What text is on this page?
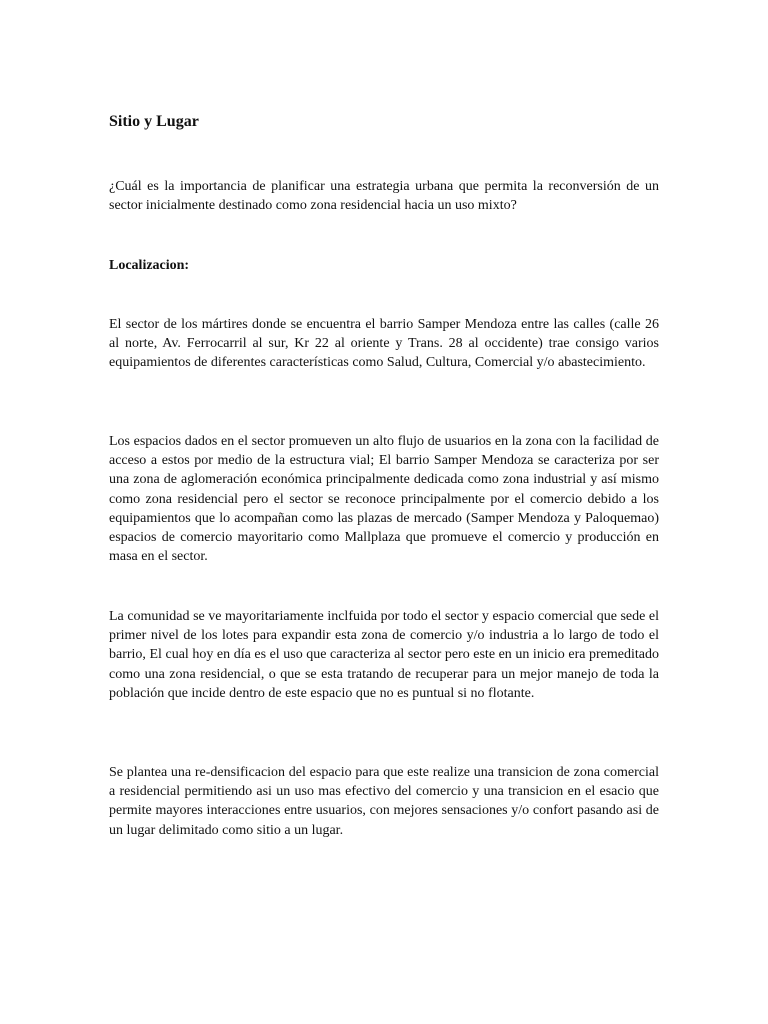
Sitio y Lugar

¿Cuál es la importancia de planificar una estrategia urbana que permita la reconversión de un sector inicialmente destinado como zona residencial hacia un uso mixto?

Localizacion:

El sector de los mártires donde se encuentra el barrio Samper Mendoza entre las calles (calle 26 al norte, Av. Ferrocarril al sur, Kr 22 al oriente y Trans. 28 al occidente) trae consigo varios equipamientos de diferentes características como Salud, Cultura, Comercial y/o abastecimiento.

Los espacios dados en el sector promueven un alto flujo de usuarios en la zona con la facilidad de acceso a estos por medio de la estructura vial; El barrio Samper Mendoza se caracteriza por ser una zona de aglomeración económica principalmente dedicada como zona industrial y así mismo como zona residencial pero el sector se reconoce principalmente por el comercio debido a los equipamientos que lo acompañan como las plazas de mercado (Samper Mendoza y Paloquemao) espacios de comercio mayoritario como Mallplaza que promueve el comercio y producción en masa en el sector.

La comunidad se ve mayoritariamente inclfuida por todo el sector y espacio comercial que sede el primer nivel de los lotes para expandir esta zona de comercio y/o industria a lo largo de todo el barrio, El cual hoy en día es el uso que caracteriza al sector pero este en un inicio era premeditado como una zona residencial, o que se esta tratando de recuperar para un mejor manejo de toda la población que incide dentro de este espacio que no es puntual si no flotante.

Se plantea una re-densificacion del espacio para que este realize una transicion de zona comercial a residencial permitiendo asi un uso mas efectivo del comercio y una transicion en el esacio que permite mayores interacciones entre usuarios, con mejores sensaciones y/o confort pasando asi de un lugar delimitado como sitio a un lugar.
